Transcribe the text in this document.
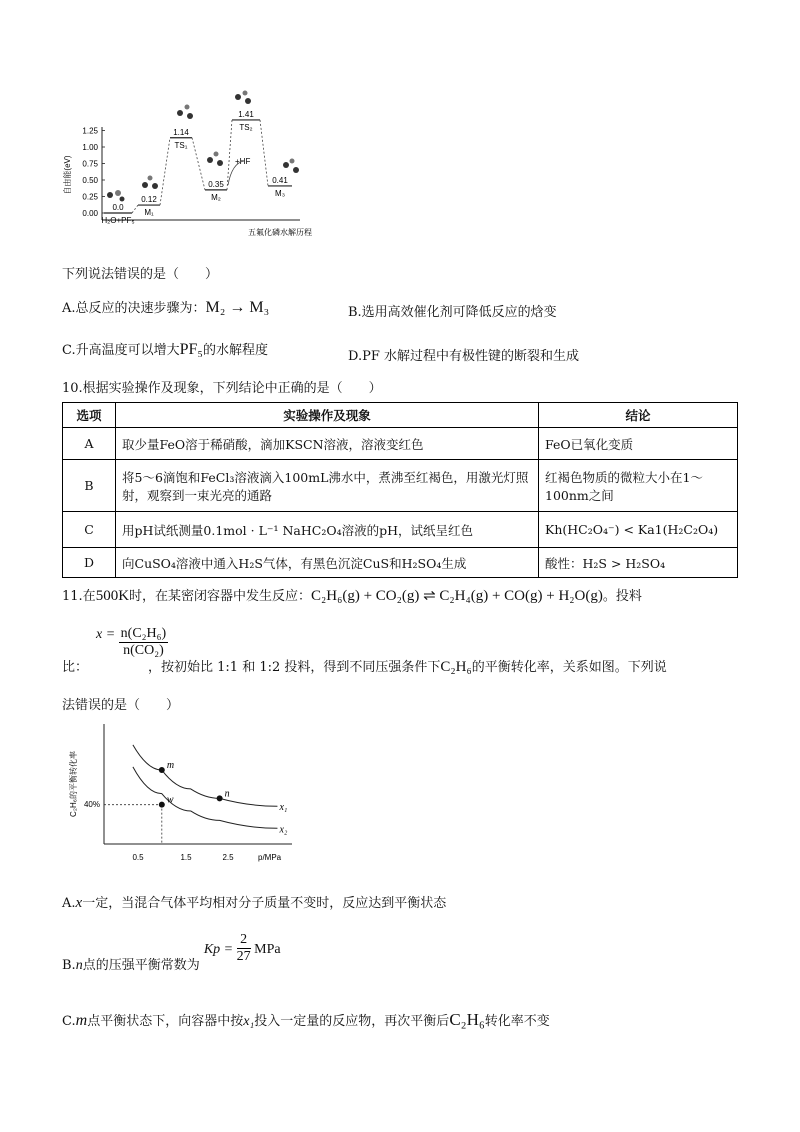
1.25
1.00
0.75
0.50
0.25
0.00
0.0
H₂O+PF₅
0.12
M₁
1.14
TS₁
0.35
M₂
1.41
TS₂
0.41
M₃
自由能(eV)
五氟化磷水解历程
+HF
下列说法错误的是（　　）
A.总反应的决速步骤为：M₂ → M₃	B.选用高效催化剂可降低反应的焓变
C.升高温度可以增大PF₅的水解程度	D.PF 水解过程中有极性键的断裂和生成
10.根据实验操作及现象，下列结论中正确的是（　　）
选项	实验操作及现象	结论
A	取少量FeO溶于稀硝酸，滴加KSCN溶液，溶液变红色	FeO已氧化变质
B	将5～6滴饱和FeCl₃溶液滴入100mL沸水中，煮沸至红褐色，用激光灯照射，观察到一束光亮的通路	红褐色物质的微粒大小在1～100nm之间
C	用pH试纸测量0.1mol · L⁻¹ NaHC₂O₄溶液的pH，试纸呈红色	Kh(HC₂O₄⁻) < Ka1(H₂C₂O₄)
D	向CuSO₄溶液中通入H₂S气体，有黑色沉淀CuS和H₂SO₄生成	酸性：H₂S > H₂SO₄
11.在500K时，在某密闭容器中发生反应：C₂H₆(g) + CO₂(g) ⇌ C₂H₄(g) + CO(g) + H₂O(g)。投料
$x = \frac{\text{n(C₂H₆)}}{\text{n(CO₂)}}$
比：	，按初始比 1:1 和 1:2 投料，得到不同压强条件下C₂H₆的平衡转化率，关系如图。下列说
法错误的是（　　）
C₂H₆的平衡转化率
p/MPa
0.5	1.5	2.5
40%	x₁
x₂
m
n
w
A.x一定，当混合气体平均相对分子质量不变时，反应达到平衡状态
B.n点的压强平衡常数为 $Kp = \frac{2}{27}$ MPa
C.m点平衡状态下，向容器中按x₁投入一定量的反应物，再次平衡后C₂H₆转化率不变
